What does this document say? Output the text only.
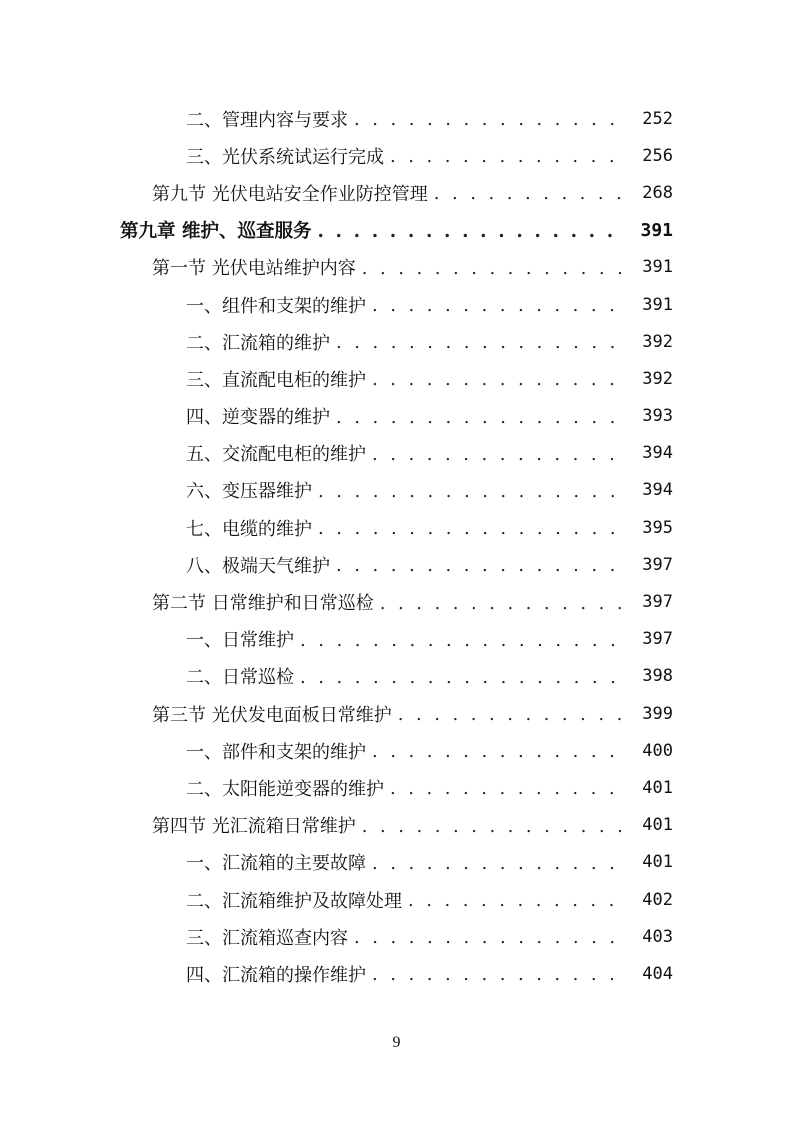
二、管理内容与要求 . . .	252
三、光伏系统试运行完成 . . .	256
第九节 光伏电站安全作业防控管理 . . .	268
第九章 维护、巡查服务 . . .	391
第一节 光伏电站维护内容 . . .	391
一、组件和支架的维护 . . .	391
二、汇流箱的维护 . . .	392
三、直流配电柜的维护 . . .	392
四、逆变器的维护 . . .	393
五、交流配电柜的维护 . . .	394
六、变压器维护 . . .	394
七、电缆的维护 . . .	395
八、极端天气维护 . . .	397
第二节 日常维护和日常巡检 . . .	397
一、日常维护 . . .	397
二、日常巡检 . . .	398
第三节 光伏发电面板日常维护 . . .	399
一、部件和支架的维护 . . .	400
二、太阳能逆变器的维护 . . .	401
第四节 光汇流箱日常维护 . . .	401
一、汇流箱的主要故障 . . .	401
二、汇流箱维护及故障处理 . . .	402
三、汇流箱巡查内容 . . .	403
四、汇流箱的操作维护 . . .	404
9
